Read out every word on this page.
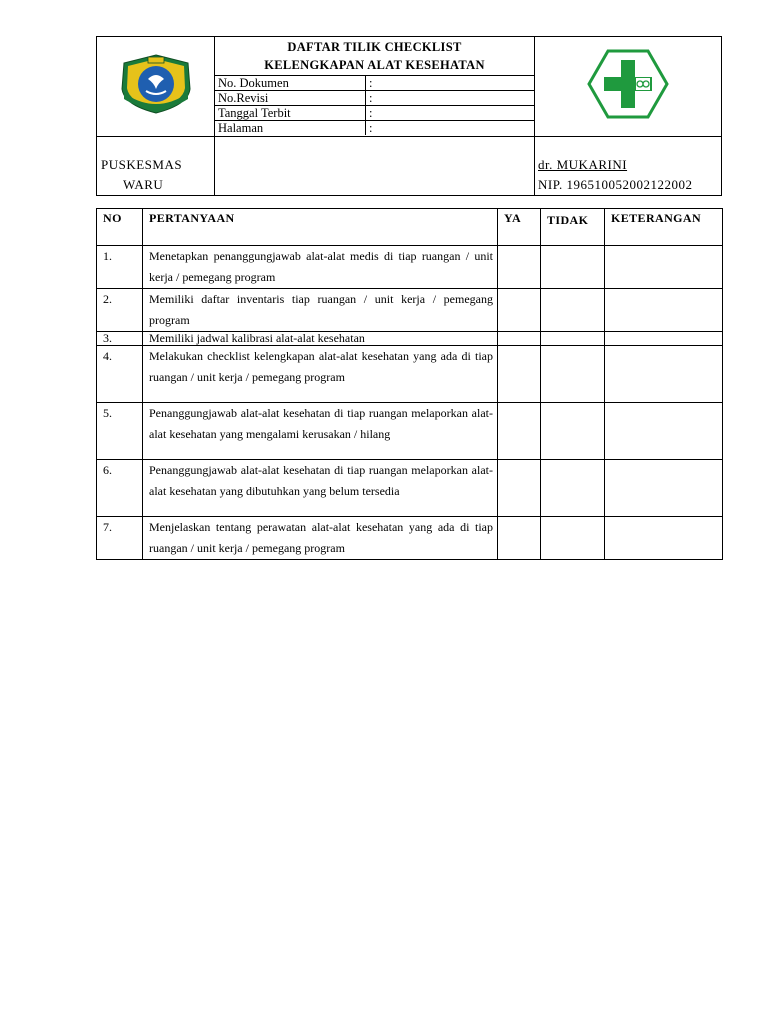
DAFTAR TILIK CHECKLIST
KELENGKAPAN ALAT KESEHATAN
No. Dokumen	:
No.Revisi	:
Tanggal Terbit	:
Halaman	:

PUSKESMAS
WARU

dr. MUKARINI
NIP. 196510052002122002
NO	PERTANYAAN	YA	TIDAK	KETERANGAN
1.	Menetapkan penanggungjawab alat-alat medis di tiap ruangan / unit kerja / pemegang program			
2.	Memiliki daftar inventaris tiap ruangan / unit kerja / pemegang program			
3.	Memiliki jadwal kalibrasi alat-alat kesehatan			
4.	Melakukan checklist kelengkapan alat-alat kesehatan yang ada di tiap ruangan / unit kerja / pemegang program			
5.	Penanggungjawab alat-alat kesehatan di tiap ruangan melaporkan alat-alat kesehatan yang mengalami kerusakan / hilang			
6.	Penanggungjawab alat-alat kesehatan di tiap ruangan melaporkan alat-alat kesehatan yang dibutuhkan yang belum tersedia			
7.	Menjelaskan tentang perawatan alat-alat kesehatan yang ada di tiap ruangan / unit kerja / pemegang program			
